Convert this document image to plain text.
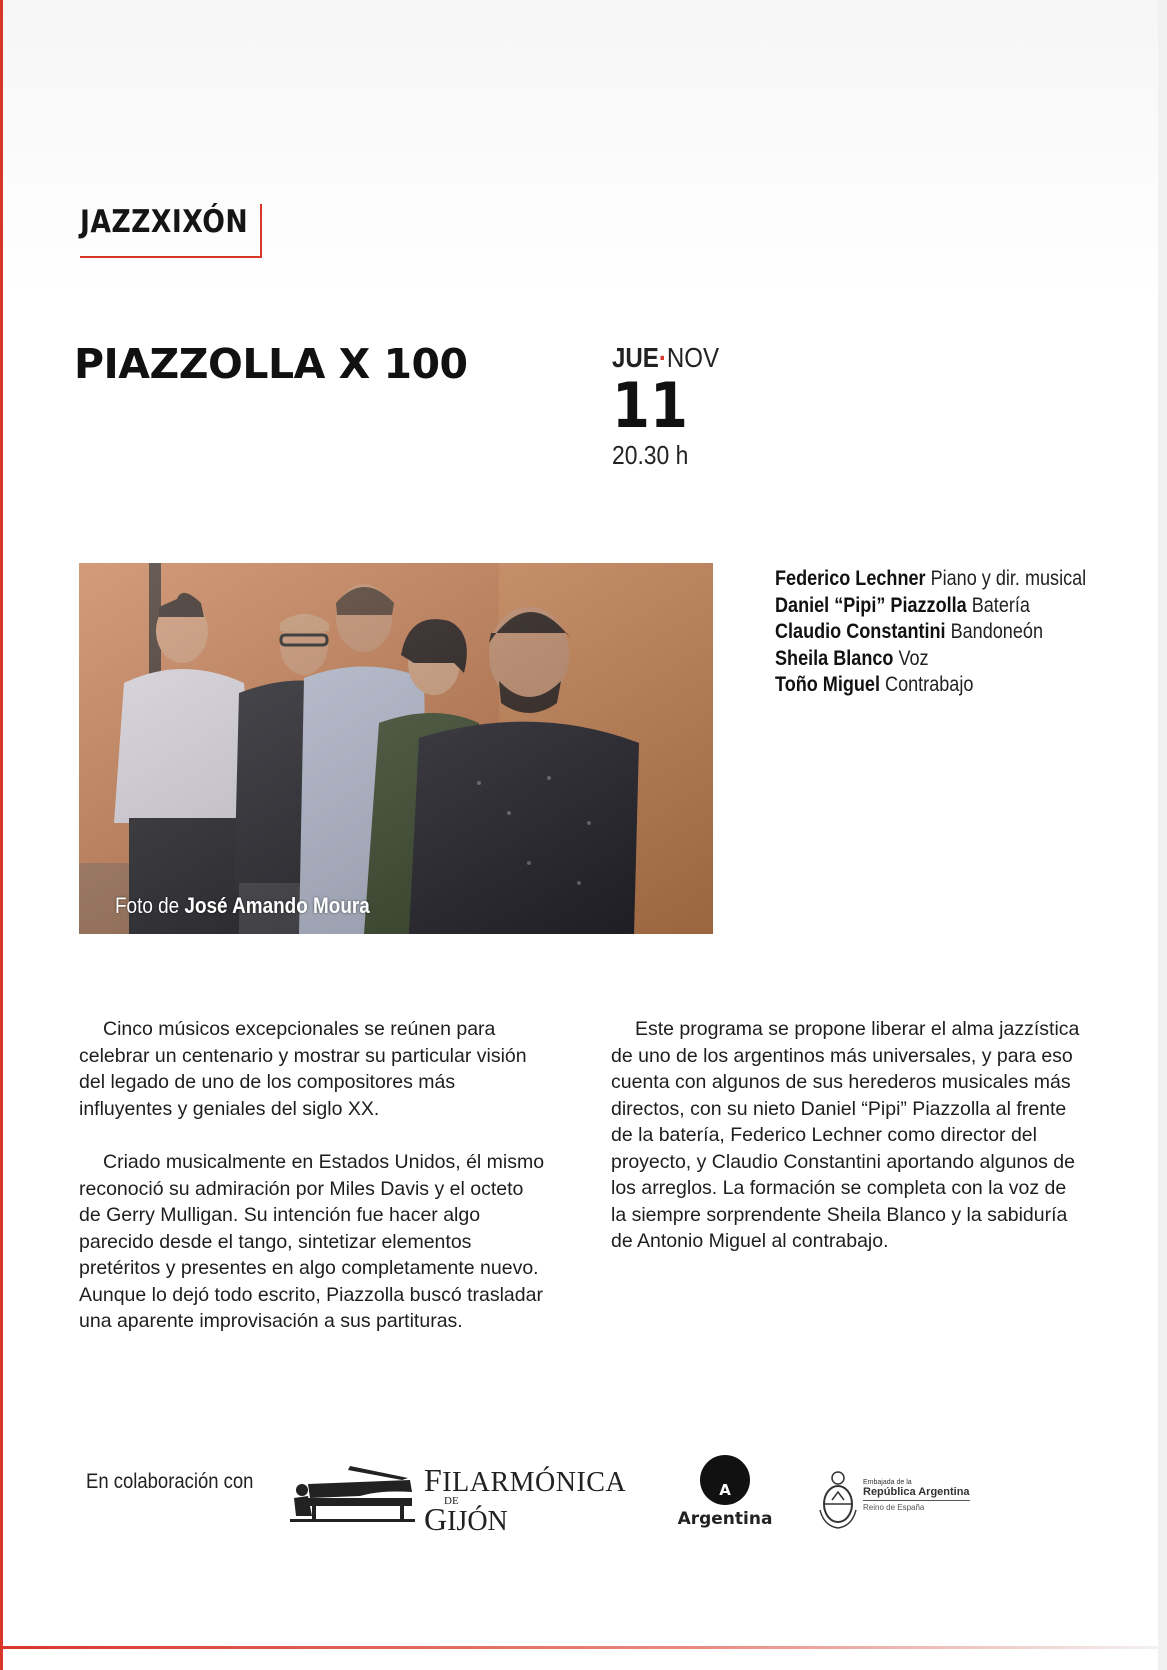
JAZZXIXÓN
PIAZZOLLA X 100	JUE·NOV
11
20.30 h
Foto de José Amando Moura
Federico Lechner Piano y dir. musical
Daniel “Pipi” Piazzolla Batería
Claudio Constantini Bandoneón
Sheila Blanco Voz
Toño Miguel Contrabajo

Cinco músicos excepcionales se reúnen para celebrar un centenario y mostrar su particular visión del legado de uno de los compositores más influyentes y geniales del siglo XX.

Criado musicalmente en Estados Unidos, él mismo reconoció su admiración por Miles Davis y el octeto de Gerry Mulligan. Su intención fue hacer algo parecido desde el tango, sintetizar elementos pretéritos y presentes en algo completamente nuevo. Aunque lo dejó todo escrito, Piazzolla buscó trasladar una aparente improvisación a sus partituras.

Este programa se propone liberar el alma jazzística de uno de los argentinos más universales, y para eso cuenta con algunos de sus herederos musicales más directos, con su nieto Daniel “Pipi” Piazzolla al frente de la batería, Federico Lechner como director del proyecto, y Claudio Constantini aportando algunos de los arreglos. La formación se completa con la voz de la siempre sorprendente Sheila Blanco y la sabiduría de Antonio Miguel al contrabajo.

En colaboración con	FILARMÓNICA
DE
GIJÓN
A
Argentina
Embajada de la
República Argentina
Reino de España
